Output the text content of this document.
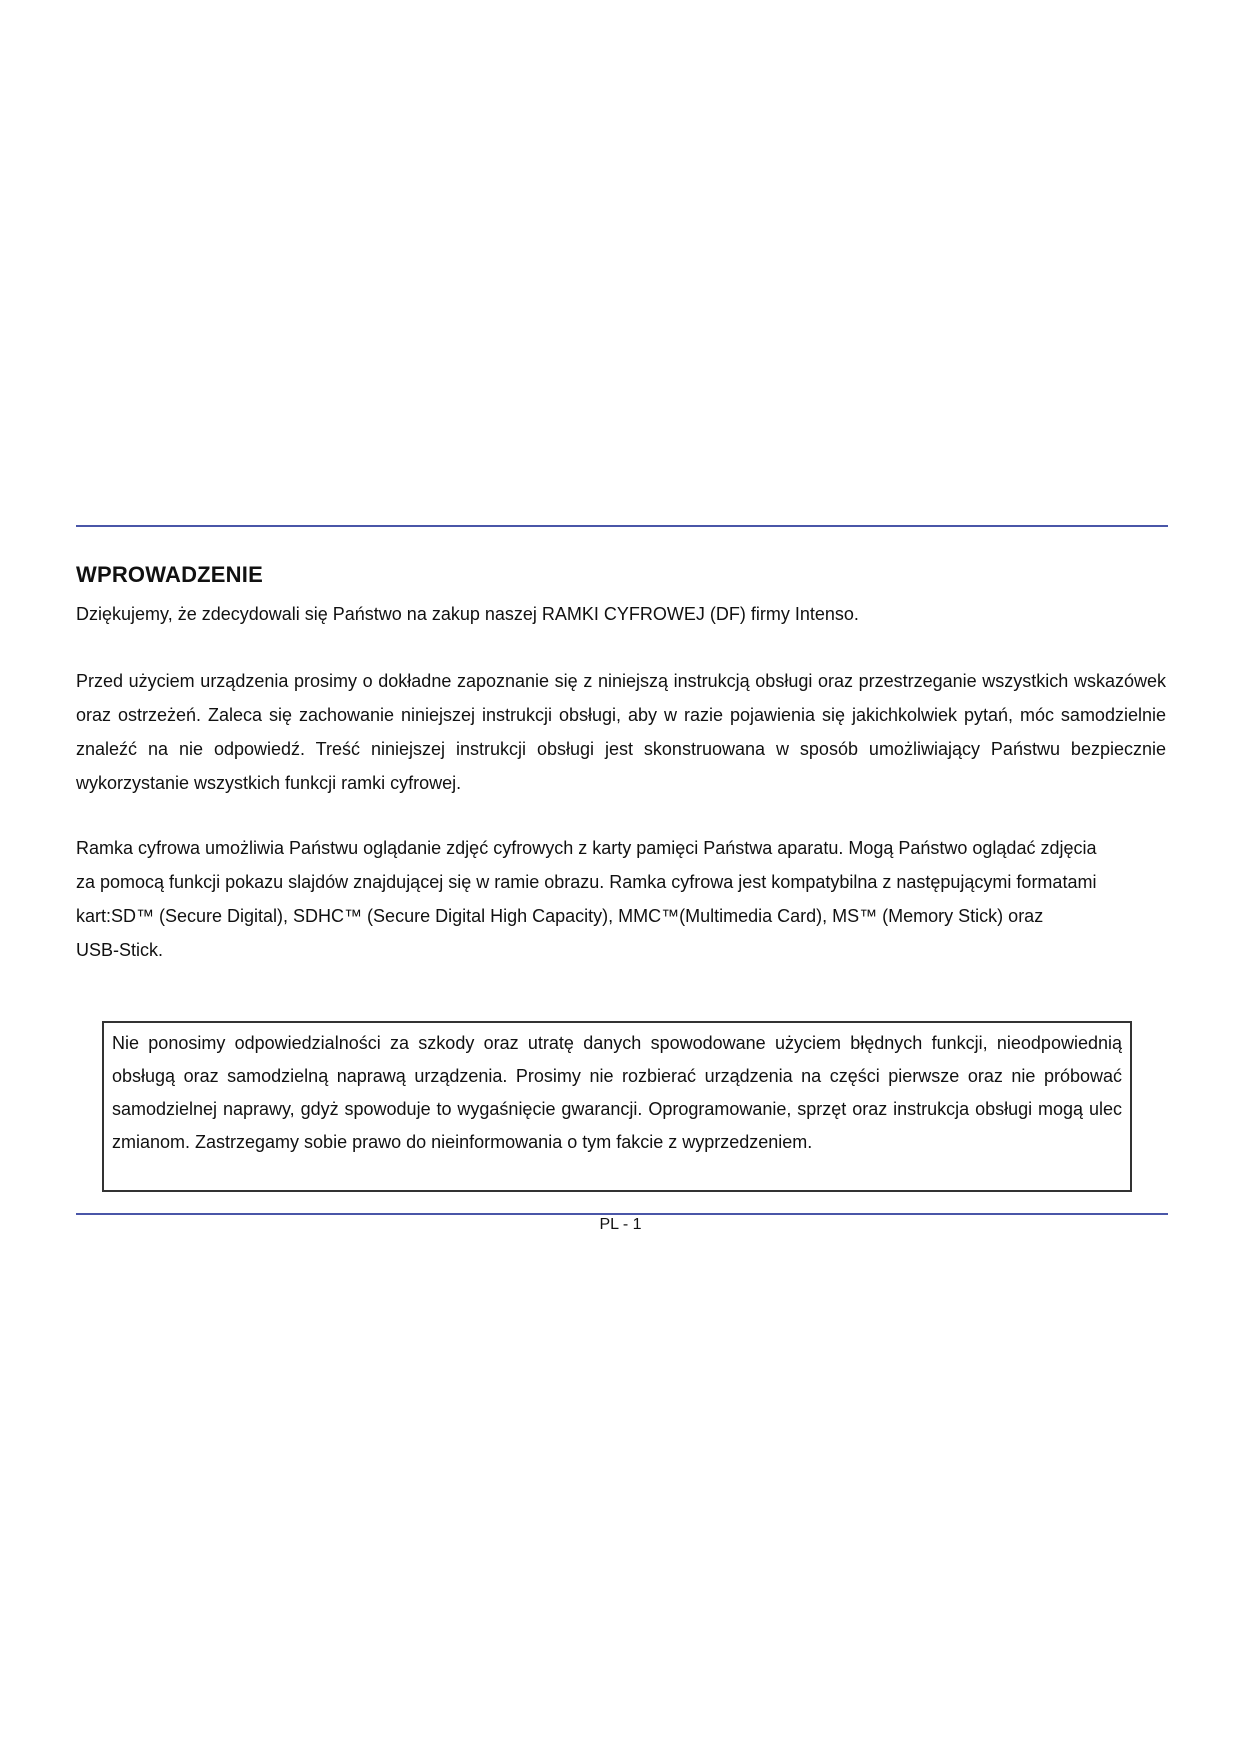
WPROWADZENIE

Dziękujemy, że zdecydowali się Państwo na zakup naszej RAMKI CYFROWEJ (DF) firmy Intenso.

Przed użyciem urządzenia prosimy o dokładne zapoznanie się z niniejszą instrukcją obsługi oraz przestrzeganie wszystkich wskazówek oraz ostrzeżeń. Zaleca się zachowanie niniejszej instrukcji obsługi, aby w razie pojawienia się jakichkolwiek pytań, móc samodzielnie znaleźć na nie odpowiedź. Treść niniejszej instrukcji obsługi jest skonstruowana w sposób umożliwiający Państwu bezpiecznie wykorzystanie wszystkich funkcji ramki cyfrowej.

Ramka cyfrowa umożliwia Państwu oglądanie zdjęć cyfrowych z karty pamięci Państwa aparatu. Mogą Państwo oglądać zdjęcia
za pomocą funkcji pokazu slajdów znajdującej się w ramie obrazu. Ramka cyfrowa jest kompatybilna z następującymi formatami
kart:SD™ (Secure Digital), SDHC™ (Secure Digital High Capacity), MMC™(Multimedia Card), MS™ (Memory Stick) oraz
USB-Stick.

Nie ponosimy odpowiedzialności za szkody oraz utratę danych spowodowane użyciem błędnych funkcji, nieodpowiednią obsługą oraz samodzielną naprawą urządzenia. Prosimy nie rozbierać urządzenia na części pierwsze oraz nie próbować samodzielnej naprawy, gdyż spowoduje to wygaśnięcie gwarancji. Oprogramowanie, sprzęt oraz instrukcja obsługi mogą ulec zmianom. Zastrzegamy sobie prawo do nieinformowania o tym fakcie z wyprzedzeniem.

PL - 1
